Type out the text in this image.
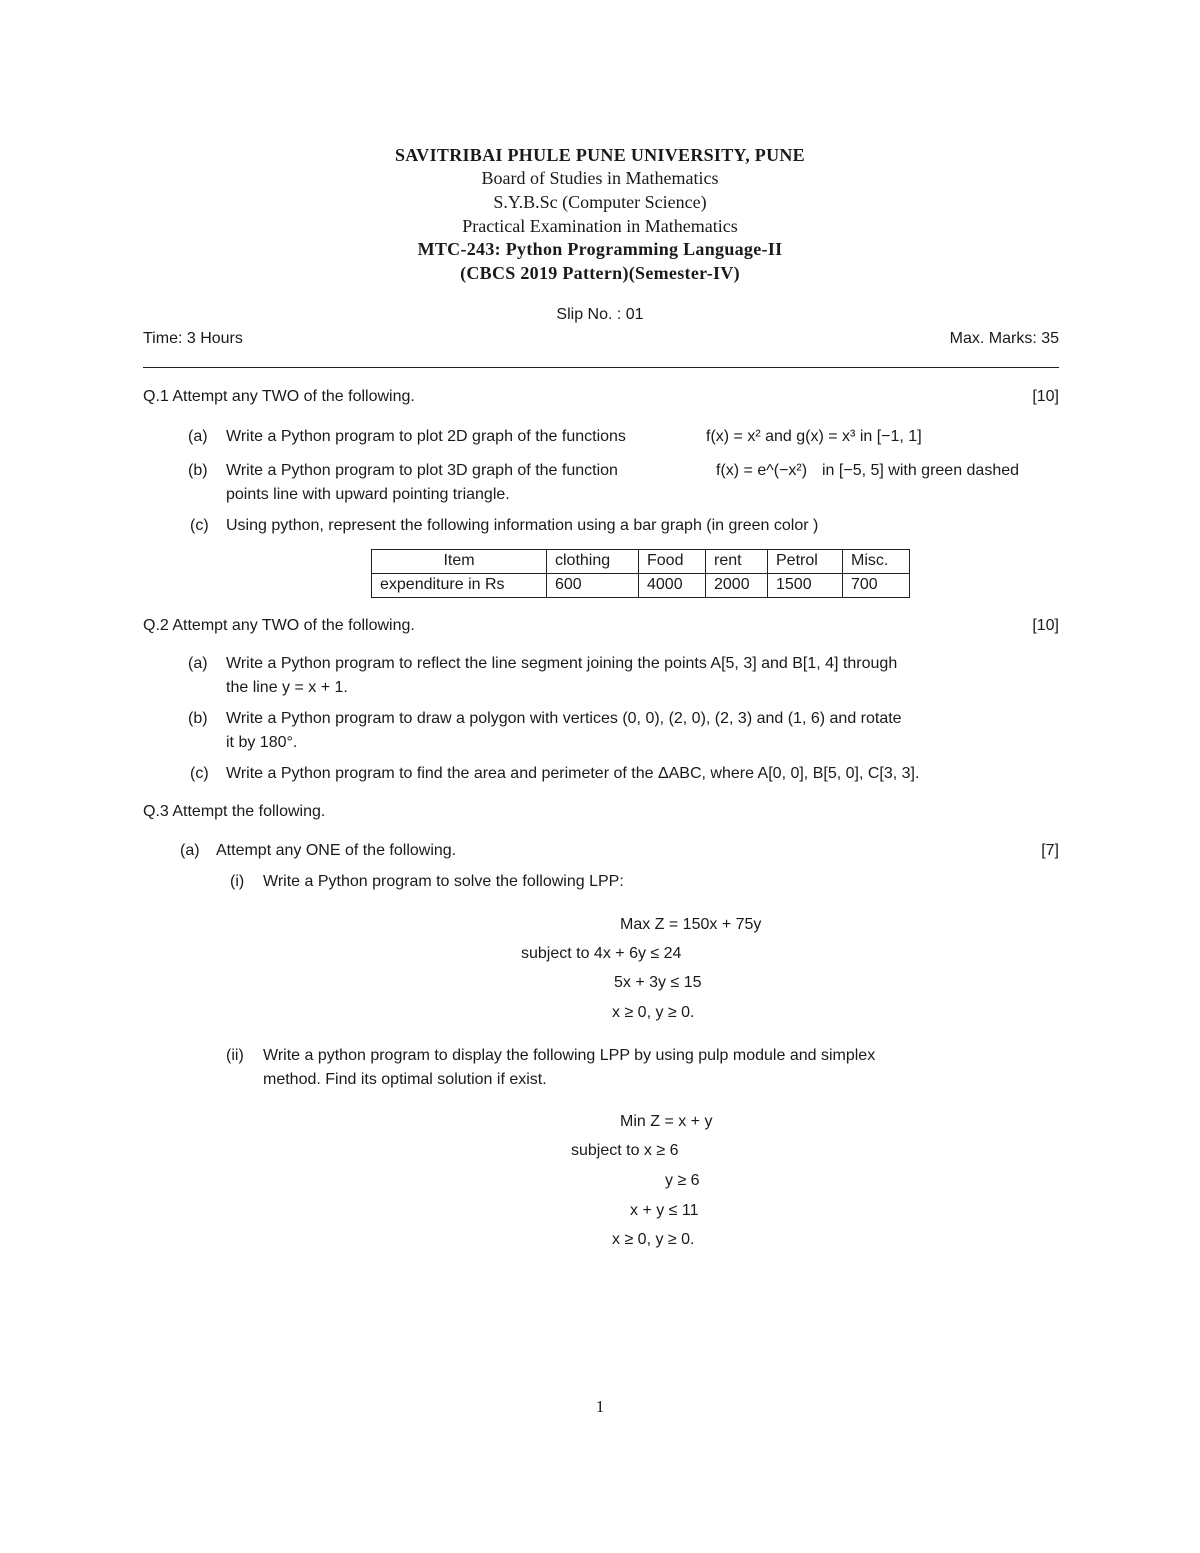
SAVITRIBAI PHULE PUNE UNIVERSITY, PUNE
Board of Studies in Mathematics
S.Y.B.Sc (Computer Science)
Practical Examination in Mathematics
MTC-243: Python Programming Language-II
(CBCS 2019 Pattern)(Semester-IV)
Slip No. : 01
Time: 3 Hours	Max. Marks: 35
Q.1 Attempt any TWO of the following.	[10]
(a) Write a Python program to plot 2D graph of the functions	f(x) = x² and g(x) = x³ in [−1, 1]
(b) Write a Python program to plot 3D graph of the function	f(x) = e^(−x²) in [−5, 5] with green dashed
points line with upward pointing triangle.
(c) Using python, represent the following information using a bar graph (in green color )
Item	clothing	Food	rent	Petrol	Misc.
expenditure in Rs	600	4000	2000	1500	700
Q.2 Attempt any TWO of the following.	[10]
(a) Write a Python program to reflect the line segment joining the points A[5, 3] and B[1, 4] through
the line y = x + 1.
(b) Write a Python program to draw a polygon with vertices (0, 0), (2, 0), (2, 3) and (1, 6) and rotate
it by 180°.
(c) Write a Python program to find the area and perimeter of the ΔABC, where A[0, 0], B[5, 0], C[3, 3].
Q.3 Attempt the following.
(a) Attempt any ONE of the following.	[7]
(i) Write a Python program to solve the following LPP:
Max Z = 150x + 75y
subject to 4x + 6y ≤ 24
5x + 3y ≤ 15
x ≥ 0, y ≥ 0.
(ii) Write a python program to display the following LPP by using pulp module and simplex
method. Find its optimal solution if exist.
Min Z = x + y
subject to x ≥ 6
y ≥ 6
x + y ≤ 11
x ≥ 0, y ≥ 0.
1
